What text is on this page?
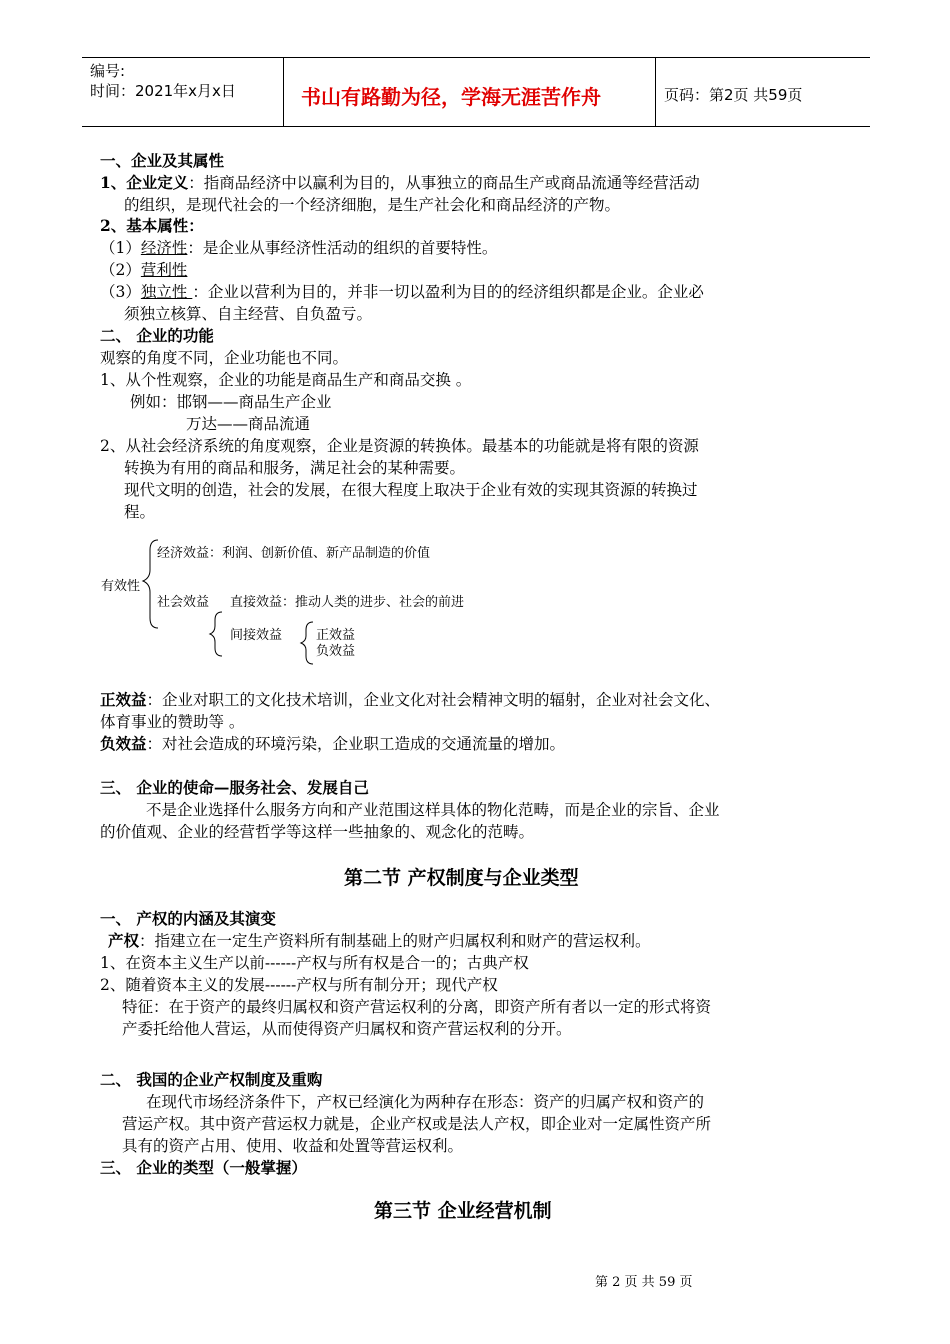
编号:
时间：2021年x月x日	书山有路勤为径，学海无涯苦作舟	页码：第2页 共59页
一、企业及其属性
1、企业定义：指商品经济中以赢利为目的，从事独立的商品生产或商品流通等经营活动
的组织，是现代社会的一个经济细胞，是生产社会化和商品经济的产物。
2、基本属性：
（1）经济性：是企业从事经济性活动的组织的首要特性。
（2）营利性
（3）独立性 ：企业以营利为目的，并非一切以盈利为目的的经济组织都是企业。企业必
须独立核算、自主经营、自负盈亏。
二、 企业的功能
观察的角度不同，企业功能也不同。
1、从个性观察，企业的功能是商品生产和商品交换 。
例如：邯钢——商品生产企业
万达——商品流通
2、从社会经济系统的角度观察，企业是资源的转换体。最基本的功能就是将有限的资源
转换为有用的商品和服务，满足社会的某种需要。
现代文明的创造，社会的发展，在很大程度上取决于企业有效的实现其资源的转换过
程。
有效性
经济效益：利润、创新价值、新产品制造的价值
社会效益 直接效益：推动人类的进步、社会的前进
间接效益	正效益
负效益
正效益：企业对职工的文化技术培训，企业文化对社会精神文明的辐射，企业对社会文化、
体育事业的赞助等 。
负效益：对社会造成的环境污染，企业职工造成的交通流量的增加。
三、 企业的使命—服务社会、发展自己
不是企业选择什么服务方向和产业范围这样具体的物化范畴，而是企业的宗旨、企业
的价值观、企业的经营哲学等这样一些抽象的、观念化的范畴。
第二节 产权制度与企业类型
一、 产权的内涵及其演变
产权：指建立在一定生产资料所有制基础上的财产归属权利和财产的营运权利。
1、在资本主义生产以前------产权与所有权是合一的；古典产权
2、随着资本主义的发展------产权与所有制分开；现代产权
特征：在于资产的最终归属权和资产营运权利的分离，即资产所有者以一定的形式将资
产委托给他人营运，从而使得资产归属权和资产营运权利的分开。
二、 我国的企业产权制度及重购
在现代市场经济条件下，产权已经演化为两种存在形态：资产的归属产权和资产的
营运产权。其中资产营运权力就是，企业产权或是法人产权，即企业对一定属性资产所
具有的资产占用、使用、收益和处置等营运权利。
三、 企业的类型（一般掌握）
第三节 企业经营机制
第 2 页 共 59 页
